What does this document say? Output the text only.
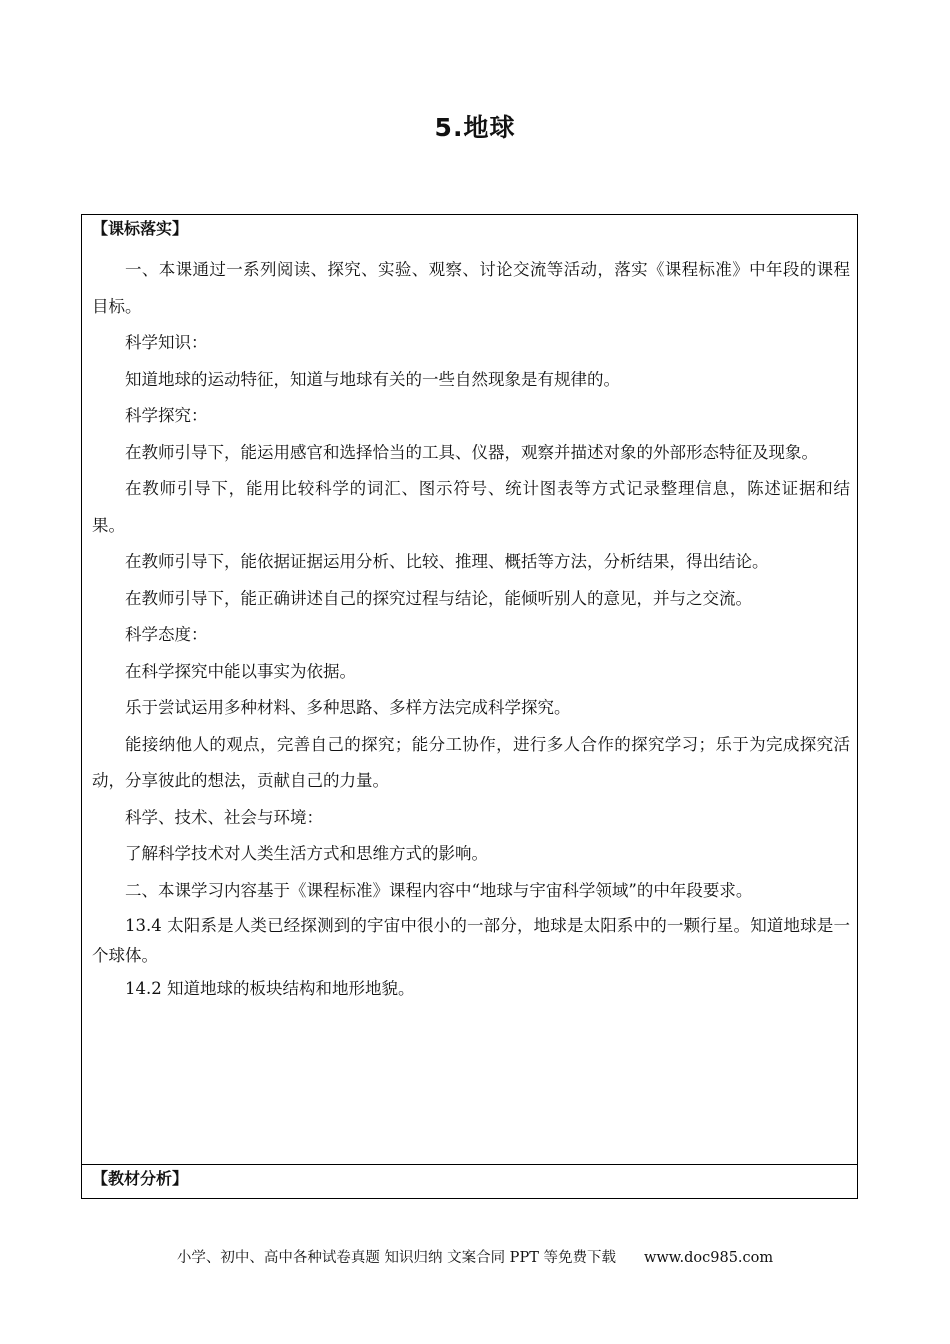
5.地球
【课标落实】

一、本课通过一系列阅读、探究、实验、观察、讨论交流等活动，落实《课程标准》中年段的课程目标。

科学知识：

知道地球的运动特征，知道与地球有关的一些自然现象是有规律的。

科学探究：

在教师引导下，能运用感官和选择恰当的工具、仪器，观察并描述对象的外部形态特征及现象。

在教师引导下，能用比较科学的词汇、图示符号、统计图表等方式记录整理信息，陈述证据和结果。

在教师引导下，能依据证据运用分析、比较、推理、概括等方法，分析结果，得出结论。

在教师引导下，能正确讲述自己的探究过程与结论，能倾听别人的意见，并与之交流。

科学态度：

在科学探究中能以事实为依据。

乐于尝试运用多种材料、多种思路、多样方法完成科学探究。

能接纳他人的观点，完善自己的探究；能分工协作，进行多人合作的探究学习；乐于为完成探究活动，分享彼此的想法，贡献自己的力量。

科学、技术、社会与环境：

了解科学技术对人类生活方式和思维方式的影响。

二、本课学习内容基于《课程标准》课程内容中“地球与宇宙科学领域”的中年段要求。

13.4 太阳系是人类已经探测到的宇宙中很小的一部分，地球是太阳系中的一颗行星。知道地球是一个球体。

14.2 知道地球的板块结构和地形地貌。

【教材分析】
小学、初中、高中各种试卷真题 知识归纳 文案合同 PPT 等免费下载 www.doc985.com
